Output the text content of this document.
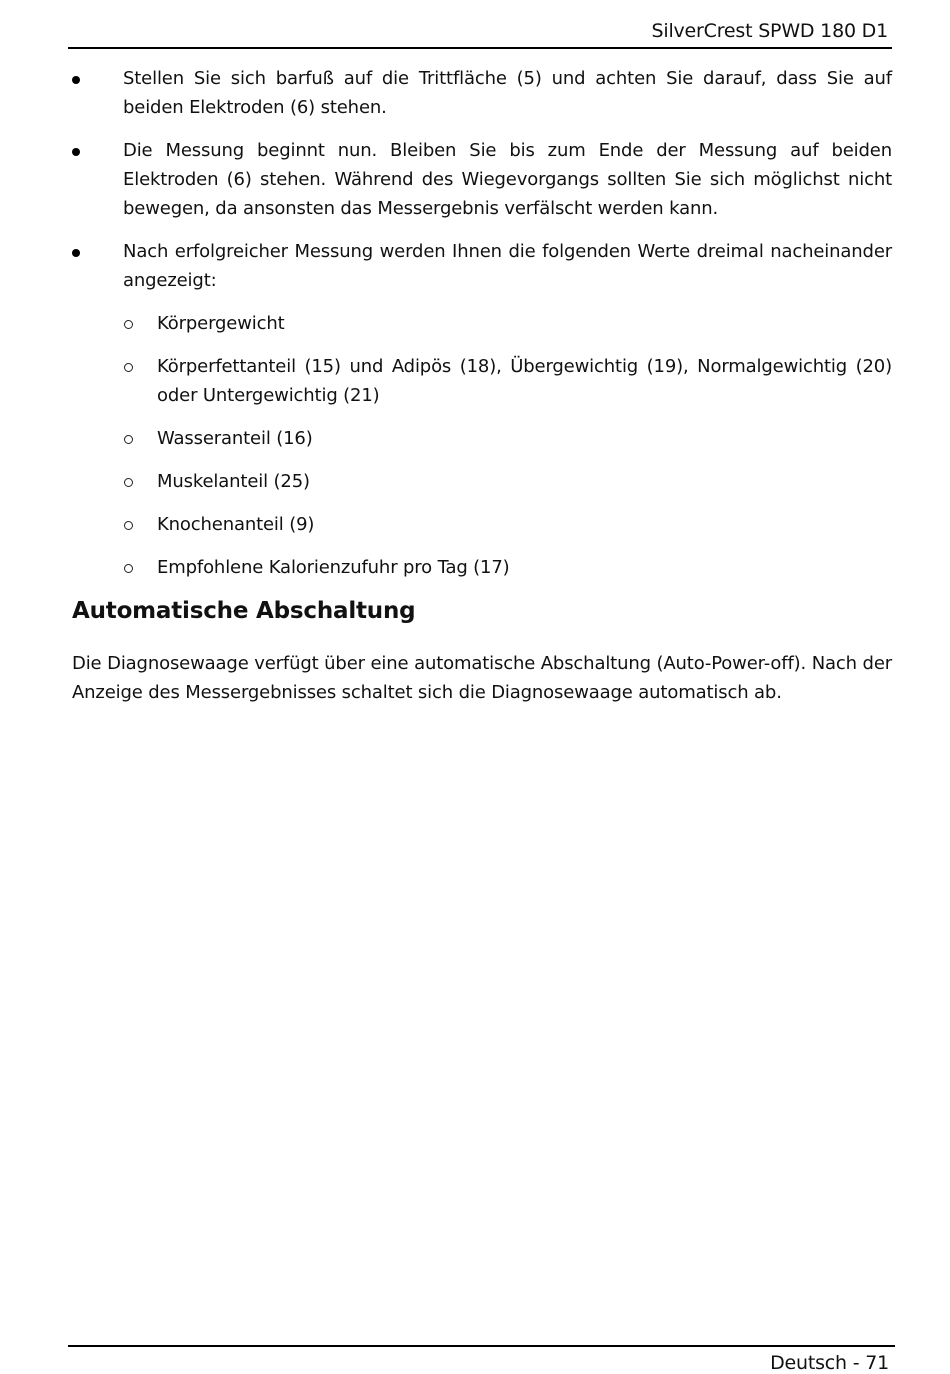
SilverCrest SPWD 180 D1
Stellen Sie sich barfuß auf die Trittfläche (5) und achten Sie darauf, dass Sie auf beiden Elektroden (6) stehen.
Die Messung beginnt nun. Bleiben Sie bis zum Ende der Messung auf beiden Elektroden (6) stehen. Während des Wiegevorgangs sollten Sie sich möglichst nicht bewegen, da ansonsten das Messergebnis verfälscht werden kann.
Nach erfolgreicher Messung werden Ihnen die folgenden Werte dreimal nacheinander angezeigt:
Körpergewicht
Körperfettanteil (15) und Adipös (18), Übergewichtig (19), Normalgewichtig (20) oder Untergewichtig (21)
Wasseranteil (16)
Muskelanteil (25)
Knochenanteil (9)
Empfohlene Kalorienzufuhr pro Tag (17)
Automatische Abschaltung
Die Diagnosewaage verfügt über eine automatische Abschaltung (Auto-Power-off). Nach der Anzeige des Messergebnisses schaltet sich die Diagnosewaage automatisch ab.
Deutsch - 71
